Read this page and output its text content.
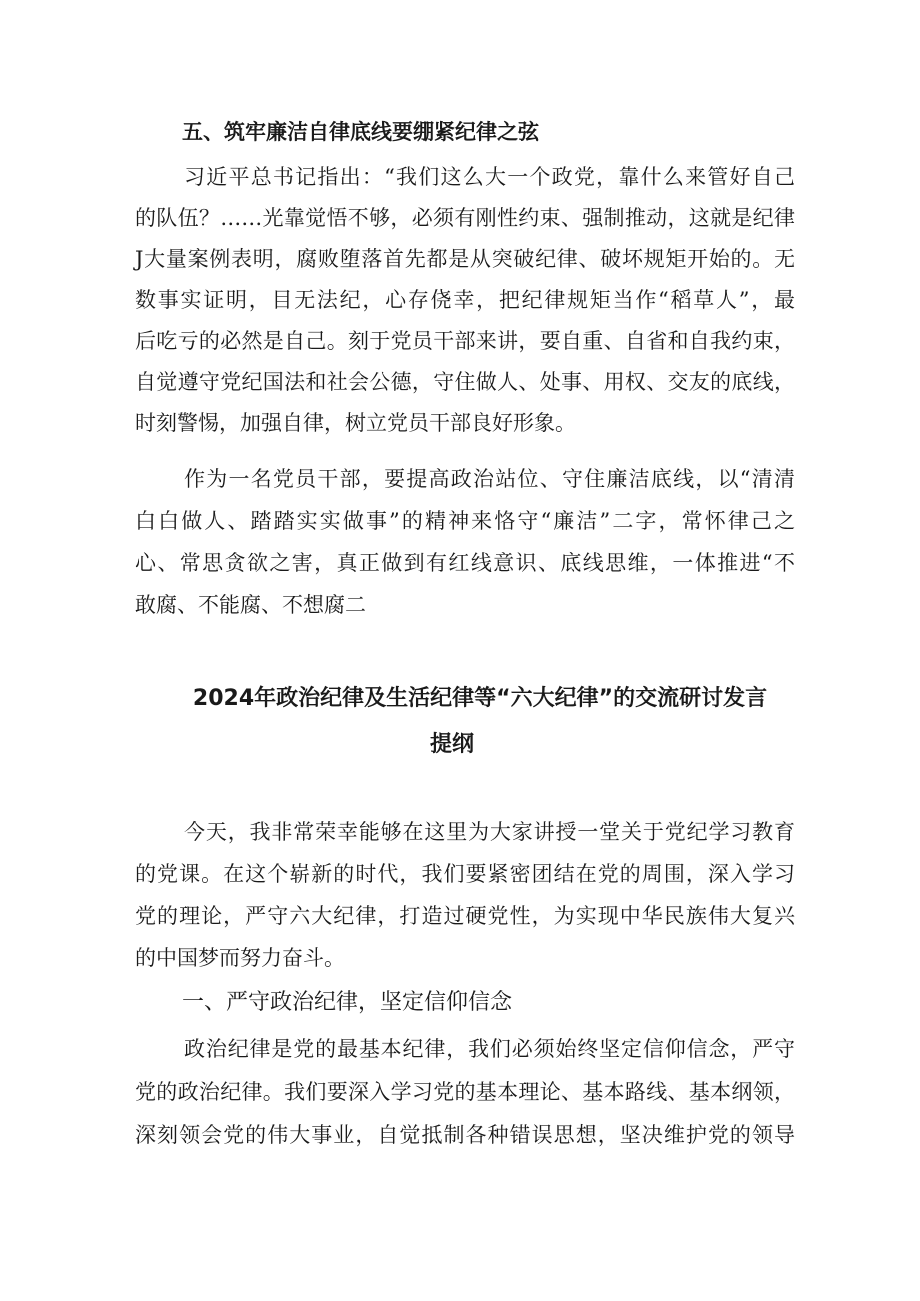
五、筑牢廉洁自律底线要绷紧纪律之弦
习近平总书记指出：“我们这么大一个政党，靠什么来管好自己
的队伍？……光靠觉悟不够，必须有刚性约束、强制推动，这就是纪律
J大量案例表明，腐败堕落首先都是从突破纪律、破坏规矩开始的。无
数事实证明，目无法纪，心存侥幸，把纪律规矩当作“稻草人”，最
后吃亏的必然是自己。刻于党员干部来讲，要自重、自省和自我约束，
自觉遵守党纪国法和社会公德，守住做人、处事、用权、交友的底线，
时刻警惕，加强自律，树立党员干部良好形象。
作为一名党员干部，要提高政治站位、守住廉洁底线，以“清清
白白做人、踏踏实实做事”的精神来恪守“廉洁”二字，常怀律己之
心、常思贪欲之害，真正做到有红线意识、底线思维，一体推进“不
敢腐、不能腐、不想腐二
2024年政治纪律及生活纪律等“六大纪律”的交流研讨发言
提纲
今天，我非常荣幸能够在这里为大家讲授一堂关于党纪学习教育
的党课。在这个崭新的时代，我们要紧密团结在党的周围，深入学习
党的理论，严守六大纪律，打造过硬党性，为实现中华民族伟大复兴
的中国梦而努力奋斗。
一、严守政治纪律，坚定信仰信念
政治纪律是党的最基本纪律，我们必须始终坚定信仰信念，严守
党的政治纪律。我们要深入学习党的基本理论、基本路线、基本纲领，
深刻领会党的伟大事业，自觉抵制各种错误思想，坚决维护党的领导
